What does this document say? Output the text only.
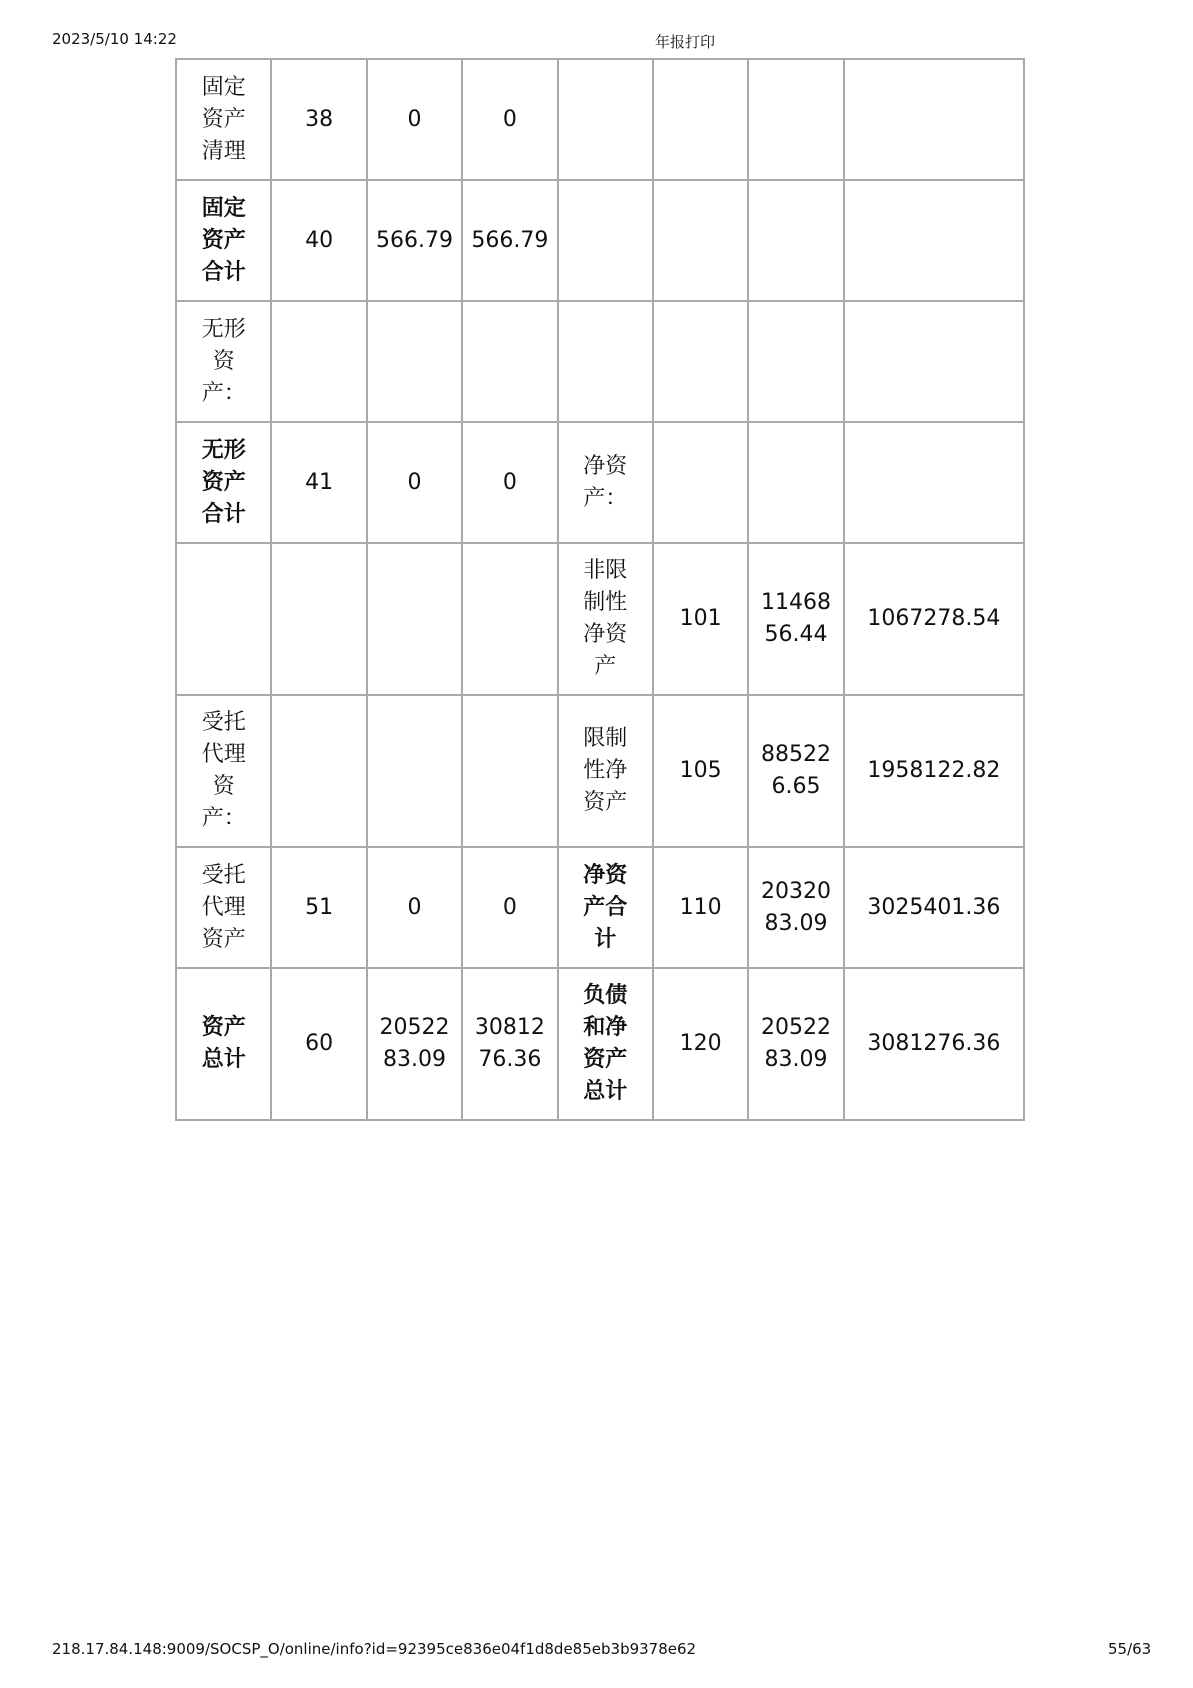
2023/5/10 14:22	年报打印
固定资产清理	38	0	0				
固定资产合计	40	566.79	566.79				
无形资产：							
无形资产合计	41	0	0	净资产：			
				非限制性净资产	101	1146856.44	1067278.54
受托代理资产：				限制性净资产	105	885226.65	1958122.82
受托代理资产	51	0	0	净资产合计	110	2032083.09	3025401.36
资产总计	60	2052283.09	3081276.36	负债和净资产总计	120	2052283.09	3081276.36
218.17.84.148:9009/SOCSP_O/online/info?id=92395ce836e04f1d8de85eb3b9378e62	55/63
